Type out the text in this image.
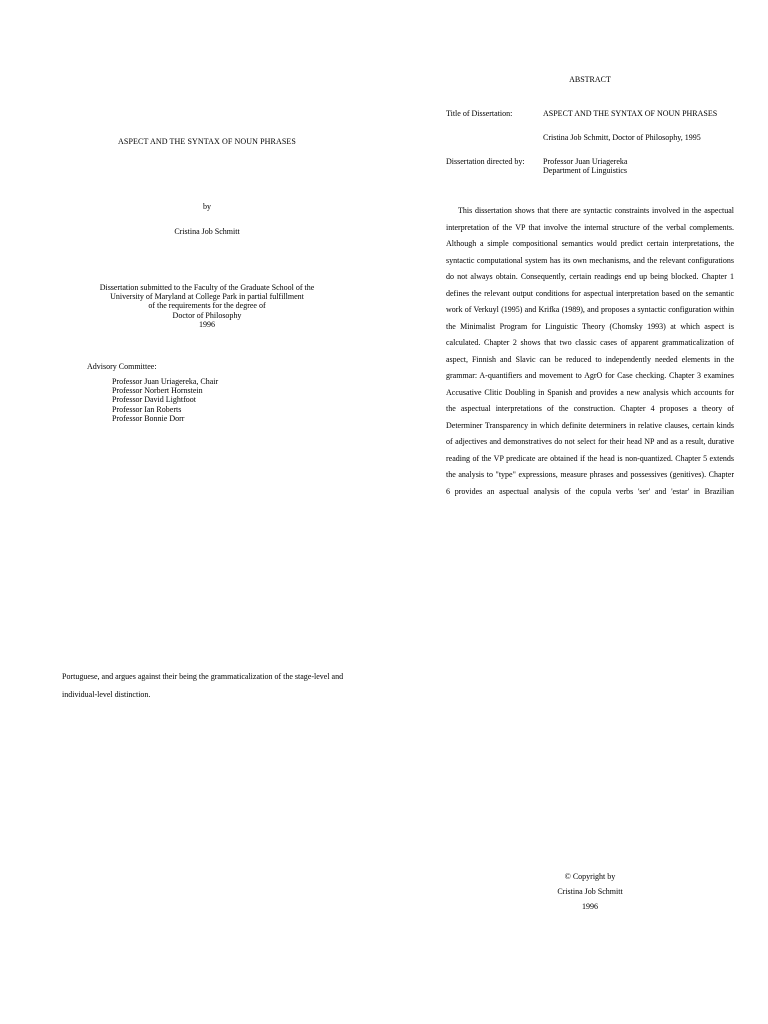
ASPECT AND THE SYNTAX OF NOUN PHRASES
by
Cristina Job Schmitt
Dissertation submitted to the Faculty of the Graduate School of the
University of Maryland at College Park in partial fulfillment
of the requirements for the degree of
Doctor of Philosophy
1996
Advisory Committee:
Professor Juan Uriagereka, Chair
Professor Norbert Hornstein
Professor David Lightfoot
Professor Ian Roberts
Professor Bonnie Dorr
Portuguese, and argues against their being the grammaticalization of the stage-level and
individual-level distinction.
ABSTRACT
Title of Dissertation:	ASPECT AND THE SYNTAX OF NOUN PHRASES
Cristina Job Schmitt, Doctor of Philosophy, 1995
Dissertation directed by: Professor Juan Uriagereka
Department of Linguistics
This dissertation shows that there are syntactic constraints involved in the aspectual
interpretation of the VP that involve the internal structure of the verbal complements.
Although a simple compositional semantics would predict certain interpretations, the
syntactic computational system has its own mechanisms, and the relevant configurations
do not always obtain. Consequently, certain readings end up being blocked. Chapter 1
defines the relevant output conditions for aspectual interpretation based on the semantic
work of Verkuyl (1995) and Krifka (1989), and proposes a syntactic configuration within
the Minimalist Program for Linguistic Theory (Chomsky 1993) at which aspect is
calculated. Chapter 2 shows that two classic cases of apparent grammaticalization of
aspect, Finnish and Slavic can be reduced to independently needed elements in the
grammar: A-quantifiers and movement to AgrO for Case checking. Chapter 3 examines
Accusative Clitic Doubling in Spanish and provides a new analysis which accounts for
the aspectual interpretations of the construction. Chapter 4 proposes a theory of
Determiner Transparency in which definite determiners in relative clauses, certain kinds
of adjectives and demonstratives do not select for their head NP and as a result, durative
reading of the VP predicate are obtained if the head is non-quantized. Chapter 5 extends
the analysis to "type" expressions, measure phrases and possessives (genitives). Chapter
6 provides an aspectual analysis of the copula verbs 'ser' and 'estar' in Brazilian
© Copyright by
Cristina Job Schmitt
1996
